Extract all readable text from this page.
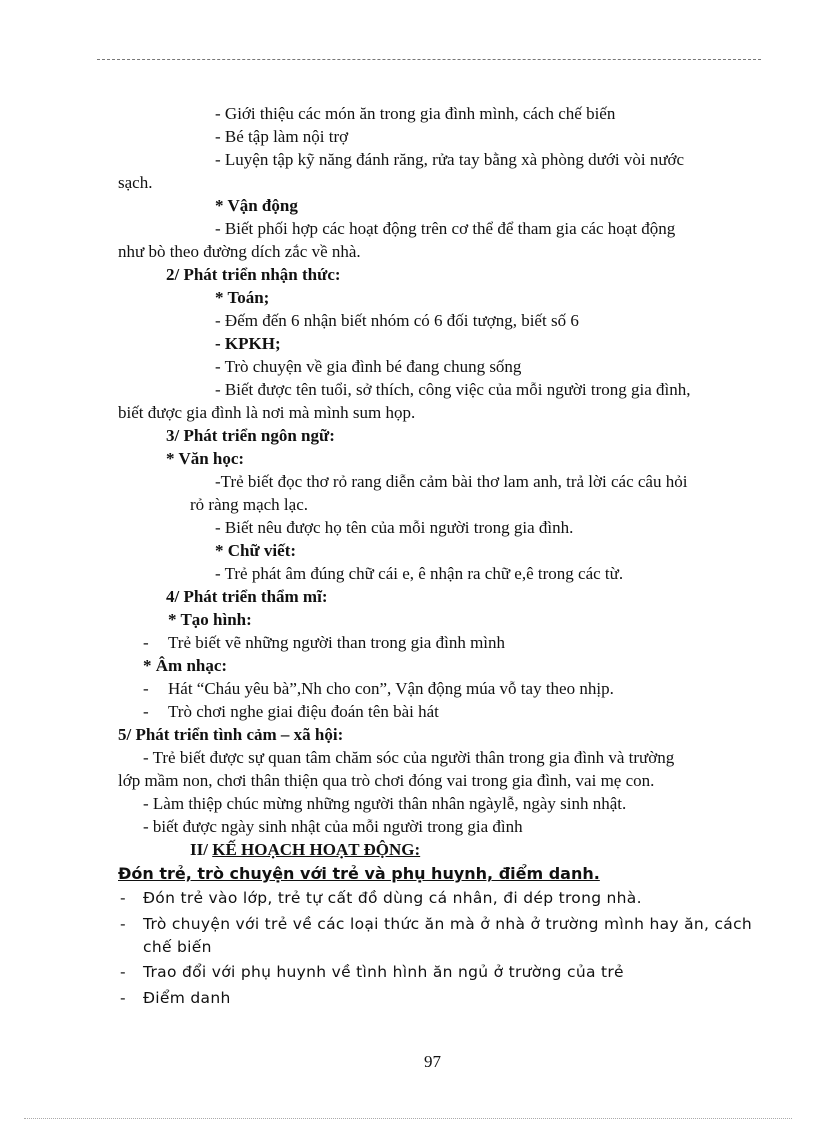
- Giới thiệu các món ăn trong gia đình mình, cách chế biến
- Bé tập làm nội trợ
- Luyện tập kỹ năng đánh răng, rửa tay bằng xà phòng dưới vòi nước
sạch.
* Vận động
- Biết phối hợp các hoạt động trên cơ thể để tham gia các hoạt động
như bò theo đường dích zắc về nhà.
2/ Phát triển nhận thức:
* Toán;
- Đếm đến 6 nhận biết nhóm có 6 đối tượng, biết số 6
- KPKH;
- Trò chuyện về gia đình bé đang chung sống
- Biết được tên tuổi, sở thích, công việc của mỗi người trong gia đình,
biết được gia đình là nơi mà mình sum họp.
3/ Phát triển ngôn ngữ:
* Văn học:
-Trẻ biết đọc thơ rỏ rang diễn cảm bài thơ lam anh, trả lời các câu hỏi
rỏ ràng mạch lạc.
- Biết nêu được họ tên của mỗi người trong gia đình.
* Chữ viết:
- Trẻ phát âm đúng chữ cái e, ê nhận ra chữ e,ê trong các từ.
4/ Phát triển thẩm mĩ:
* Tạo hình:
- Trẻ biết vẽ những người than trong gia đình mình
* Âm nhạc:
- Hát “Cháu yêu bà”,Nh cho con”, Vận động múa vỗ tay theo nhịp.
- Trò chơi nghe giai điệu đoán tên bài hát
5/ Phát triển tình cảm – xã hội:
- Trẻ biết được sự quan tâm chăm sóc của người thân trong gia đình và trường
lớp mầm non, chơi thân thiện qua trò chơi đóng vai trong gia đình, vai mẹ con.
- Làm thiệp chúc mừng những người thân nhân ngàylễ, ngày sinh nhật.
- biết được ngày sinh nhật của mỗi người trong gia đình
II/ KẾ HOẠCH HOẠT ĐỘNG:
Đón trẻ, trò chuyện với trẻ và phụ huynh, điểm danh.
- Đón trẻ vào lớp, trẻ tự cất đồ dùng cá nhân, đi dép trong nhà.
- Trò chuyện với trẻ về các loại thức ăn mà ở nhà ở trường mình hay ăn, cách
chế biến
- Trao đổi với phụ huynh về tình hình ăn ngủ ở trường của trẻ
- Điểm danh
97
